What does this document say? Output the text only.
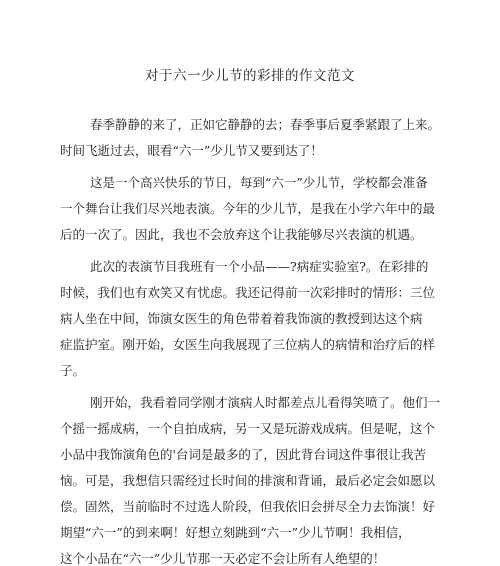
对于六一少儿节的彩排的作文范文

春季静静的来了，正如它静静的去；春季事后夏季紧跟了上来。
时间飞逝过去，眼看“六一”少儿节又要到达了！

这是一个高兴快乐的节日，每到“六一”少儿节，学校都会准备
一个舞台让我们尽兴地表演。今年的少儿节，是我在小学六年中的最
后的一次了。因此，我也不会放弃这个让我能够尽兴表演的机遇。

此次的表演节目我班有一个小品——?病症实验室?。在彩排的
时候，我们也有欢笑又有忧虑。我还记得前一次彩排时的情形：三位
病人坐在中间，饰演女医生的角色带着着我饰演的教授到达这个病
症监护室。刚开始，女医生向我展现了三位病人的病情和治疗后的样
子。

刚开始，我看着同学刚才演病人时都差点儿看得笑喷了。他们一
个摇一摇成病，一个自拍成病，另一又是玩游戏成病。但是呢，这个
小品中我饰演角色的'台词是最多的了，因此背台词这件事很让我苦
恼。可是，我想信只需经过长时间的排演和背诵，最后必定会如愿以
偿。固然，当前临时不过选人阶段，但我依旧会拼尽全力去饰演！好
期望“六一”的到来啊！好想立刻跳到“六一”少儿节啊！我相信，
这个小品在“六一”少儿节那一天必定不会让所有人绝望的！
